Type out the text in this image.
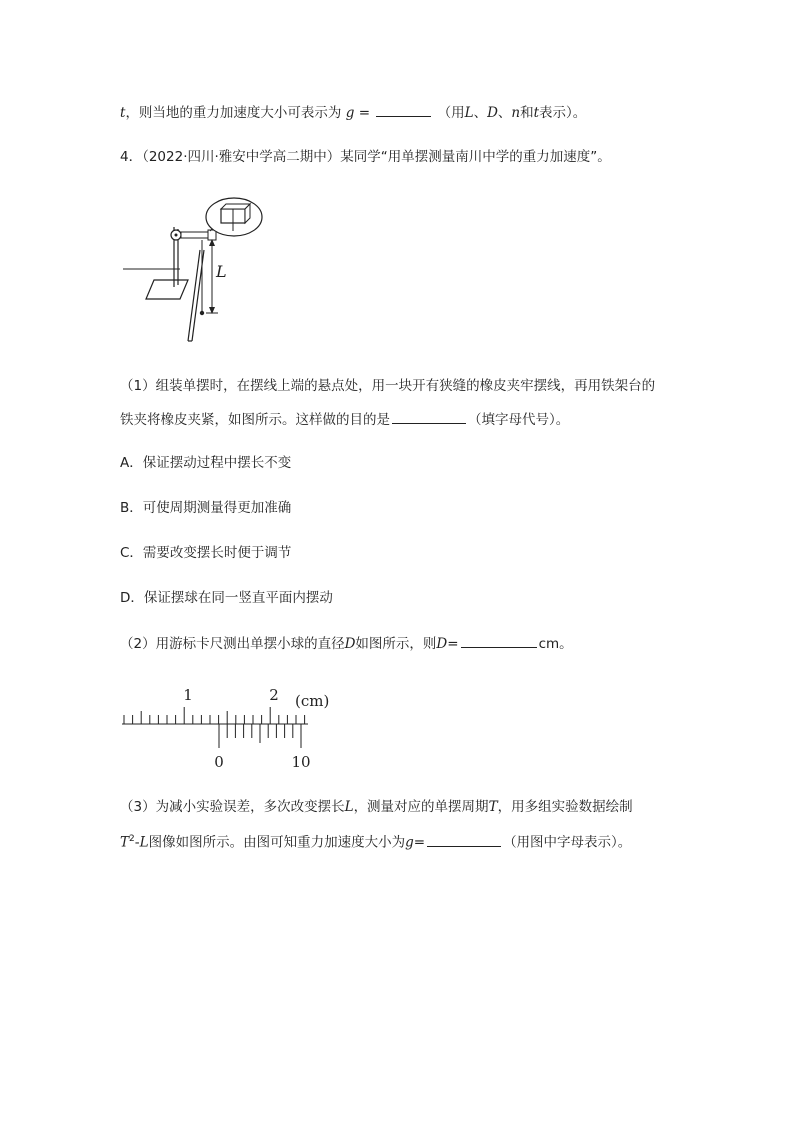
t，则当地的重力加速度大小可表示为 g =	（用L、D、n和t表示）。
4．（2022·四川·雅安中学高二期中）某同学“用单摆测量南川中学的重力加速度”。
L
（1）组装单摆时，在摆线上端的悬点处，用一块开有狭缝的橡皮夹牢摆线，再用铁架台的
铁夹将橡皮夹紧，如图所示。这样做的目的是	（填字母代号）。
A．保证摆动过程中摆长不变
B．可使周期测量得更加准确
C．需要改变摆长时便于调节
D．保证摆球在同一竖直平面内摆动
（2）用游标卡尺测出单摆小球的直径D如图所示，则D=	cm。
1	2 (cm)
0	10
（3）为减小实验误差，多次改变摆长L，测量对应的单摆周期T，用多组实验数据绘制
$T^2-L$图像如图所示。由图可知重力加速度大小为g=	（用图中字母表示）。
